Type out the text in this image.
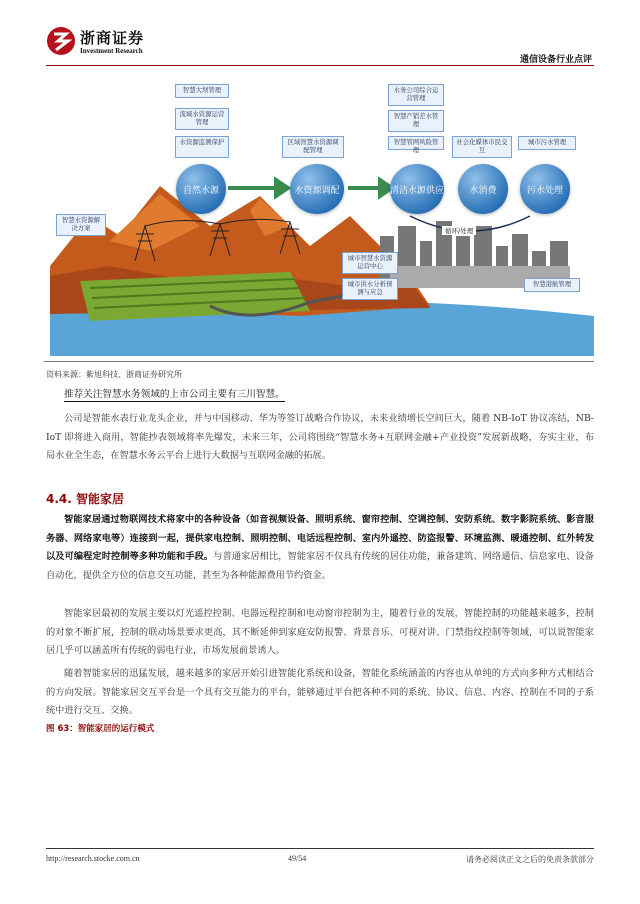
浙商证券
Investment Research
通信设备行业点评
智慧大坝管理
流域水资源运营管理
水资源监测保护	区域智慧水资源调配管理
水务公司综合运营管理
智慧产销差水管理
智慧管网风险管理
社会化媒体市民交互
城市污水管理
自然水源	水资源调配	清洁水源供应	水消费	污水处理
循环/处理
智慧水资源解决方案
城市智慧水资源运营中心
城市洪水分析预测与应急
智慧港航管理
资料来源：紫旭科技、浙商证券研究所
推荐关注智慧水务领域的上市公司主要有三川智慧。

公司是智能水表行业龙头企业，并与中国移动、华为等签订战略合作协议，未来业绩增长空间巨大，随着 NB-IoT 协议冻结，NB-IoT 即将进入商用，智能抄表领域将率先爆发，未来三年，公司将围绕“智慧水务+互联网金融+产业投资”发展新战略，夯实主业，布局水业全生态，在智慧水务云平台上进行大数据与互联网金融的拓展。

4.4. 智能家居

智能家居通过物联网技术将家中的各种设备（如音视频设备、照明系统、窗帘控制、空调控制、安防系统、数字影院系统、影音服务器、网络家电等）连接到一起，提供家电控制、照明控制、电话远程控制、室内外遥控、防盗报警、环境监测、暖通控制、红外转发以及可编程定时控制等多种功能和手段。与普通家居相比，智能家居不仅具有传统的居住功能，兼备建筑、网络通信、信息家电、设备自动化，提供全方位的信息交互功能，甚至为各种能源费用节约资金。

智能家居最初的发展主要以灯光遥控控制、电器远程控制和电动窗帘控制为主，随着行业的发展，智能控制的功能越来越多，控制的对象不断扩展，控制的联动场景要求更高，其不断延伸到家庭安防报警、背景音乐、可视对讲、门禁指纹控制等领域，可以说智能家居几乎可以涵盖所有传统的弱电行业，市场发展前景诱人。

随着智能家居的迅猛发展，越来越多的家居开始引进智能化系统和设备，智能化系统涵盖的内容也从单纯的方式向多种方式相结合的方向发展。智能家居交互平台是一个具有交互能力的平台，能够通过平台把各种不同的系统、协议、信息、内容、控制在不同的子系统中进行交互、交换。

图 63：智能家居的运行模式
http://research.stocke.com.cn	49/54	请务必阅读正文之后的免责条款部分
